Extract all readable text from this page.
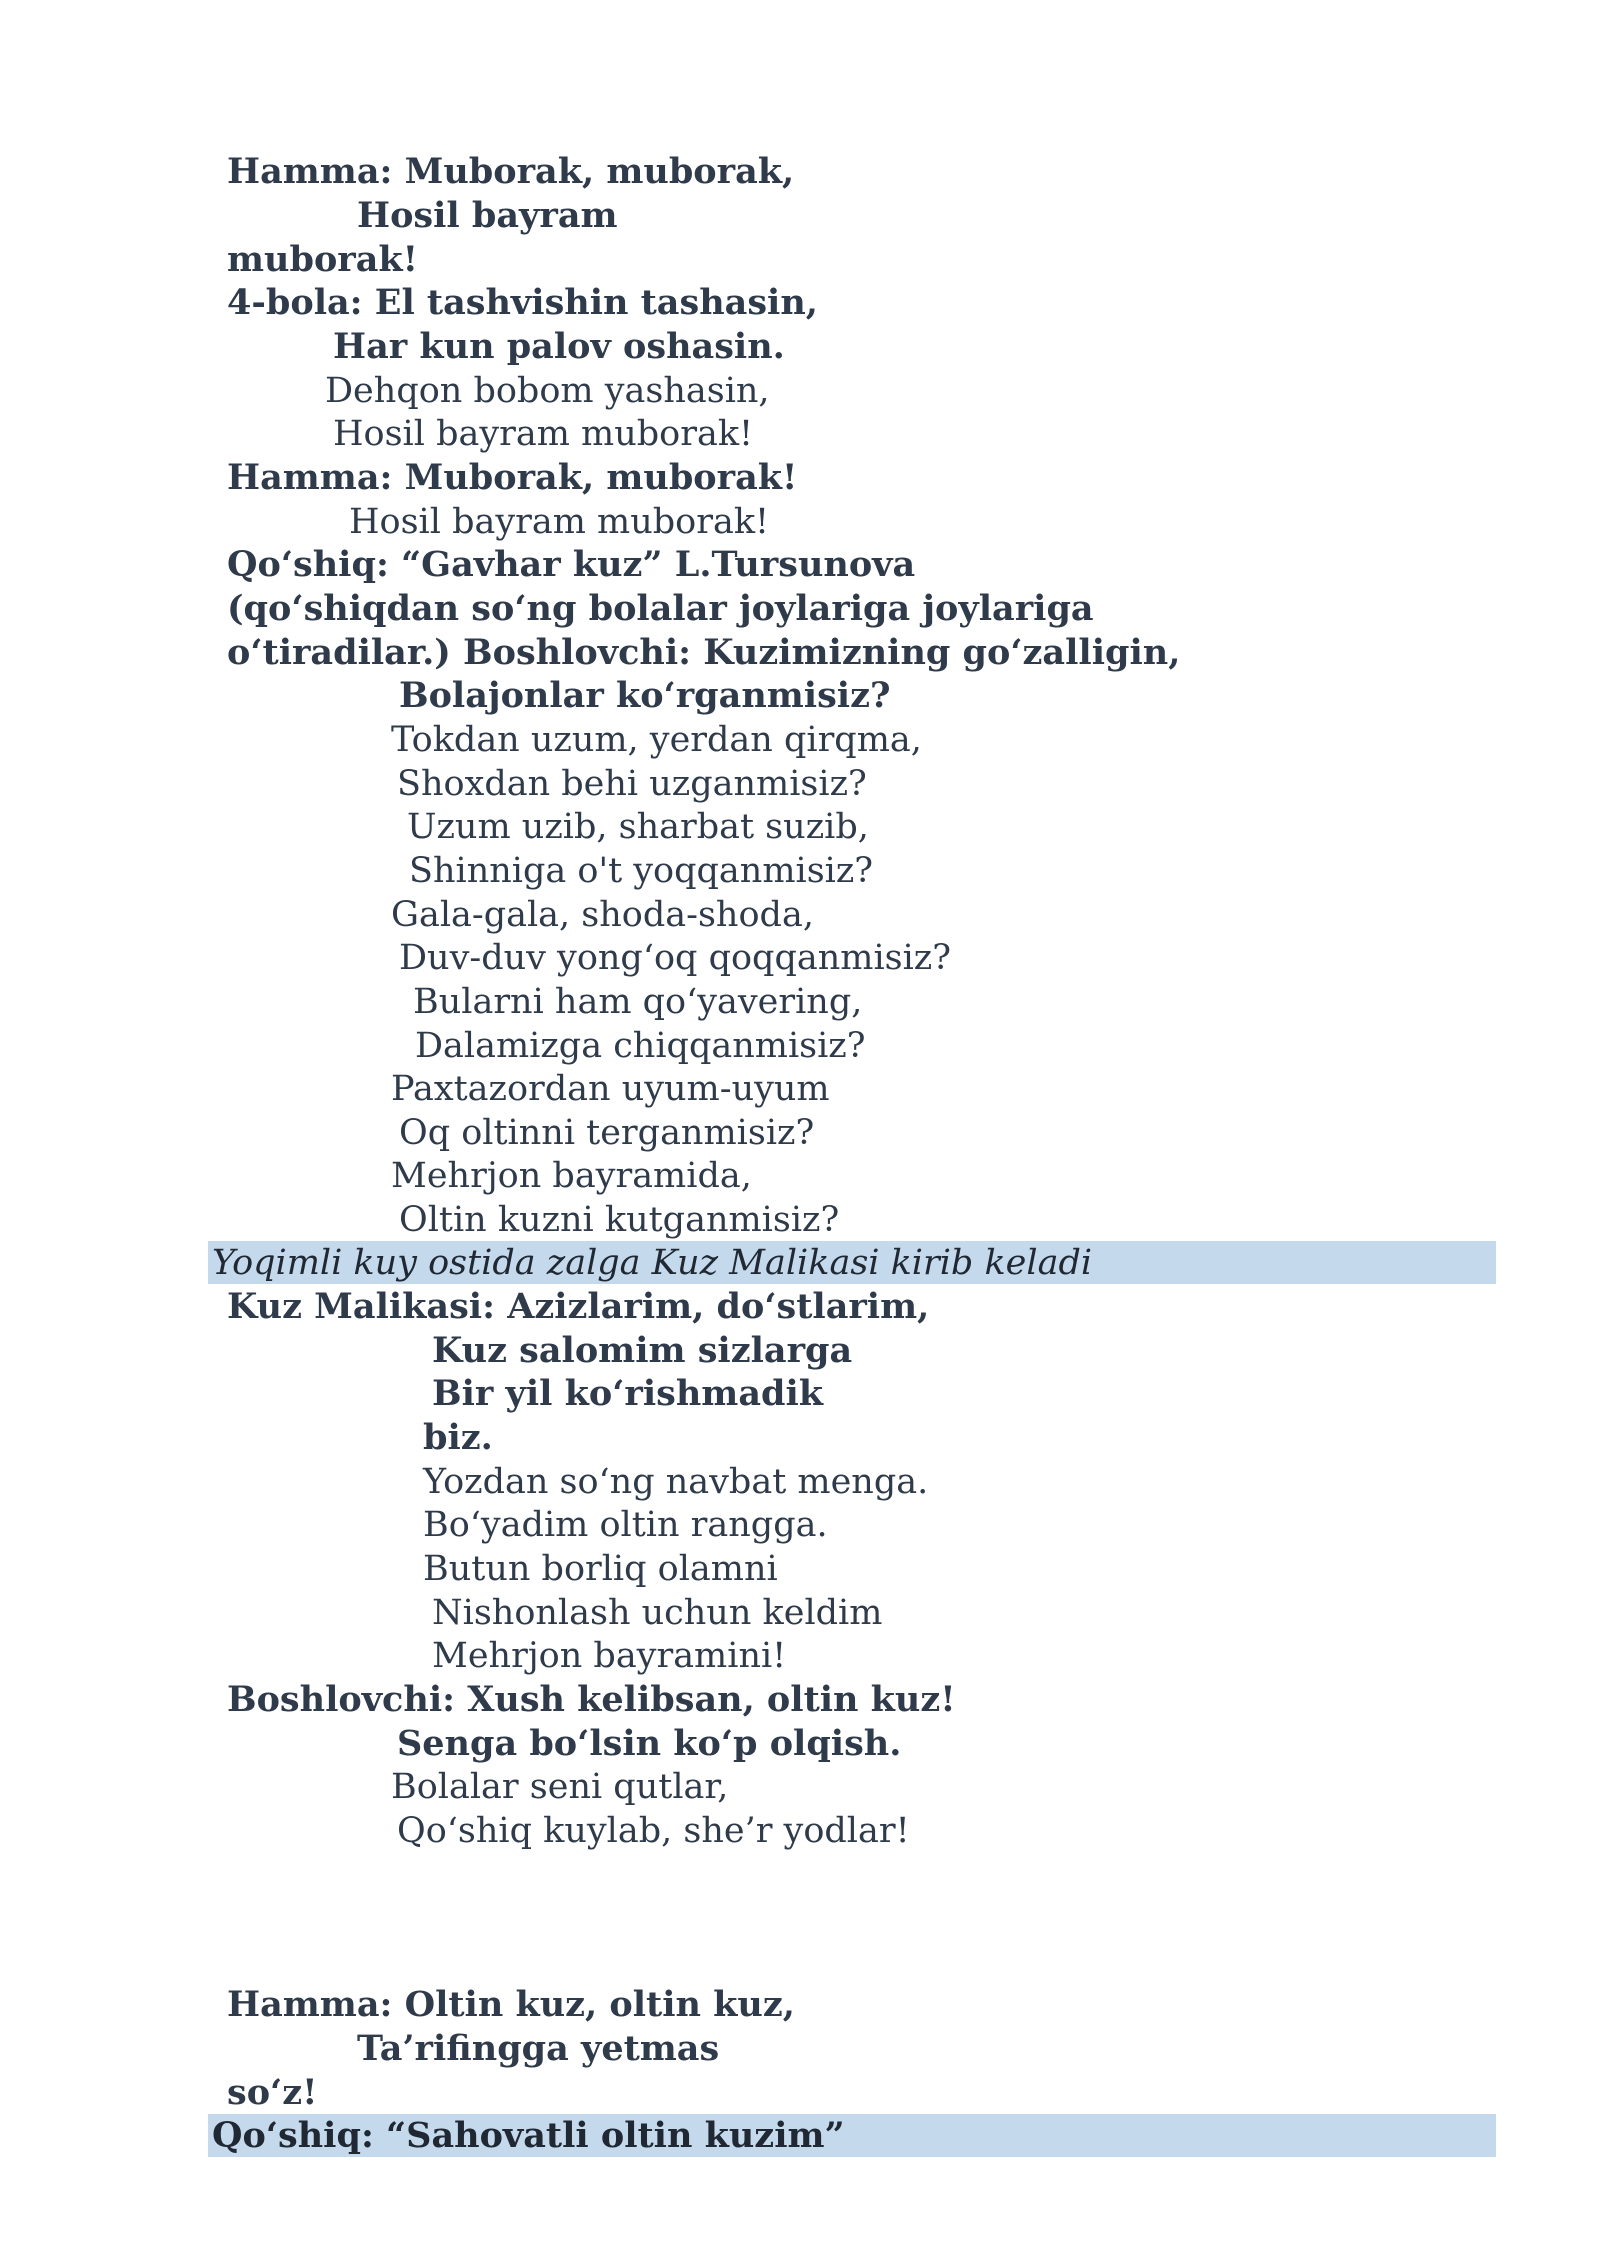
Hamma: Muborak, muborak,
Hosil bayram
muborak!
4-bola: El tashvishin tashasin,
Har kun palov oshasin.
Dehqon bobom yashasin,
Hosil bayram muborak!
Hamma: Muborak, muborak!
Hosil bayram muborak!
Qo‘shiq: “Gavhar kuz” L.Tursunova
(qo‘shiqdan so‘ng bolalar joylariga joylariga
o‘tiradilar.) Boshlovchi: Kuzimizning go‘zalligin,
Bolajonlar ko‘rganmisiz?
Tokdan uzum, yerdan qirqma,
Shoxdan behi uzganmisiz?
Uzum uzib, sharbat suzib,
Shinniga o't yoqqanmisiz?
Gala-gala, shoda-shoda,
Duv-duv yong‘oq qoqqanmisiz?
Bularni ham qo‘yavering,
Dalamizga chiqqanmisiz?
Paxtazordan uyum-uyum
Oq oltinni terganmisiz?
Mehrjon bayramida,
Oltin kuzni kutganmisiz?
Yoqimli kuy ostida zalga Kuz Malikasi kirib keladi
Kuz Malikasi: Azizlarim, do‘stlarim,
Kuz salomim sizlarga
Bir yil ko‘rishmadik
biz.
Yozdan so‘ng navbat menga.
Bo‘yadim oltin rangga.
Butun borliq olamni
Nishonlash uchun keldim
Mehrjon bayramini!
Boshlovchi: Xush kelibsan, oltin kuz!
Senga bo‘lsin ko‘p olqish.
Bolalar seni qutlar,
Qo‘shiq kuylab, she’r yodlar!
Hamma: Oltin kuz, oltin kuz,
Ta’rifingga yetmas
so‘z!
Qo‘shiq: “Sahovatli oltin kuzim”
